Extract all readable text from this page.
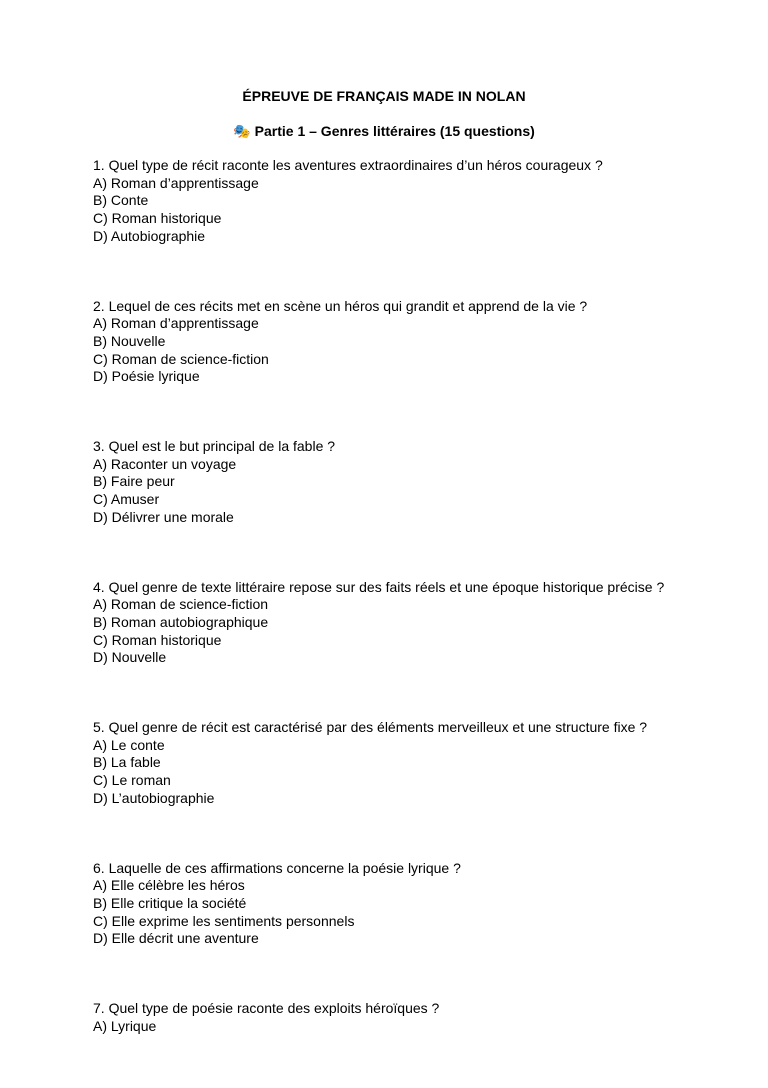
ÉPREUVE DE FRANÇAIS MADE IN NOLAN
🎭 Partie 1 – Genres littéraires (15 questions)
1. Quel type de récit raconte les aventures extraordinaires d’un héros courageux ?
A) Roman d’apprentissage
B) Conte
C) Roman historique
D) Autobiographie
2. Lequel de ces récits met en scène un héros qui grandit et apprend de la vie ?
A) Roman d’apprentissage
B) Nouvelle
C) Roman de science-fiction
D) Poésie lyrique
3. Quel est le but principal de la fable ?
A) Raconter un voyage
B) Faire peur
C) Amuser
D) Délivrer une morale
4. Quel genre de texte littéraire repose sur des faits réels et une époque historique précise ?
A) Roman de science-fiction
B) Roman autobiographique
C) Roman historique
D) Nouvelle
5. Quel genre de récit est caractérisé par des éléments merveilleux et une structure fixe ?
A) Le conte
B) La fable
C) Le roman
D) L’autobiographie
6. Laquelle de ces affirmations concerne la poésie lyrique ?
A) Elle célèbre les héros
B) Elle critique la société
C) Elle exprime les sentiments personnels
D) Elle décrit une aventure
7. Quel type de poésie raconte des exploits héroïques ?
A) Lyrique
